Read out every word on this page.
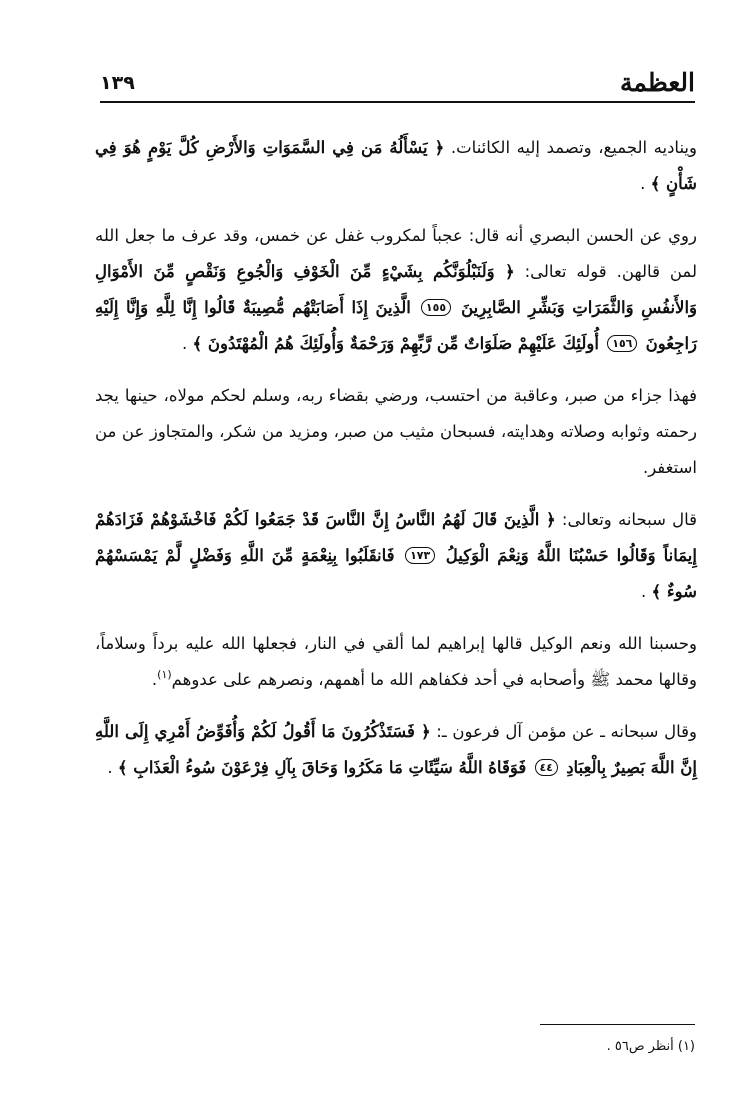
العظمة
١٣٩

ويناديه الجميع، وتصمد إليه الكائنات. ﴿ يَسْأَلُهُ مَن فِي السَّمَوَاتِ وَالأَرْضِ كُلَّ يَوْمٍ هُوَ فِي شَأْنٍ ﴾ .

روي عن الحسن البصري أنه قال: عجباً لمكروب غفل عن خمس، وقد عرف ما جعل الله لمن قالهن. قوله تعالى: ﴿ وَلَنَبْلُوَنَّكُم بِشَيْءٍ مِّنَ الْخَوْفِ وَالْجُوعِ وَنَقْصٍ مِّنَ الأَمْوَالِ وَالأَنفُسِ وَالثَّمَرَاتِ وَبَشِّرِ الصَّابِرِينَ ١٥٥ الَّذِينَ إِذَا أَصَابَتْهُم مُّصِيبَةٌ قَالُوا إِنَّا لِلَّهِ وَإِنَّا إِلَيْهِ رَاجِعُونَ ١٥٦ أُولَئِكَ عَلَيْهِمْ صَلَوَاتٌ مِّن رَّبِّهِمْ وَرَحْمَةٌ وَأُولَئِكَ هُمُ الْمُهْتَدُونَ ﴾ .

فهذا جزاء من صبر، وعاقبة من احتسب، ورضي بقضاء ربه، وسلم لحكم مولاه، حينها يجد رحمته وثوابه وصلاته وهدايته، فسبحان مثيب من صبر، ومزيد من شكر، والمتجاوز عن من استغفر.

قال سبحانه وتعالى: ﴿ الَّذِينَ قَالَ لَهُمُ النَّاسُ إِنَّ النَّاسَ قَدْ جَمَعُوا لَكُمْ فَاخْشَوْهُمْ فَزَادَهُمْ إِيمَاناً وَقَالُوا حَسْبُنَا اللَّهُ وَنِعْمَ الْوَكِيلُ ١٧٣ فَانقَلَبُوا بِنِعْمَةٍ مِّنَ اللَّهِ وَفَضْلٍ لَّمْ يَمْسَسْهُمْ سُوءٌ ﴾ .

وحسبنا الله ونعم الوكيل قالها إبراهيم لما ألقي في النار، فجعلها الله عليه برداً وسلاماً، وقالها محمد ﷺ وأصحابه في أحد فكفاهم الله ما أهمهم، ونصرهم على عدوهم$^{(١)}$.

وقال سبحانه ـ عن مؤمن آل فرعون ـ: ﴿ فَسَتَذْكُرُونَ مَا أَقُولُ لَكُمْ وَأُفَوِّضُ أَمْرِي إِلَى اللَّهِ إِنَّ اللَّهَ بَصِيرٌ بِالْعِبَادِ ٤٤ فَوَقَاهُ اللَّهُ سَيِّئَاتِ مَا مَكَرُوا وَحَاقَ بِآلِ فِرْعَوْنَ سُوءُ الْعَذَابِ ﴾ .

(١) أنظر ص٥٦ .
